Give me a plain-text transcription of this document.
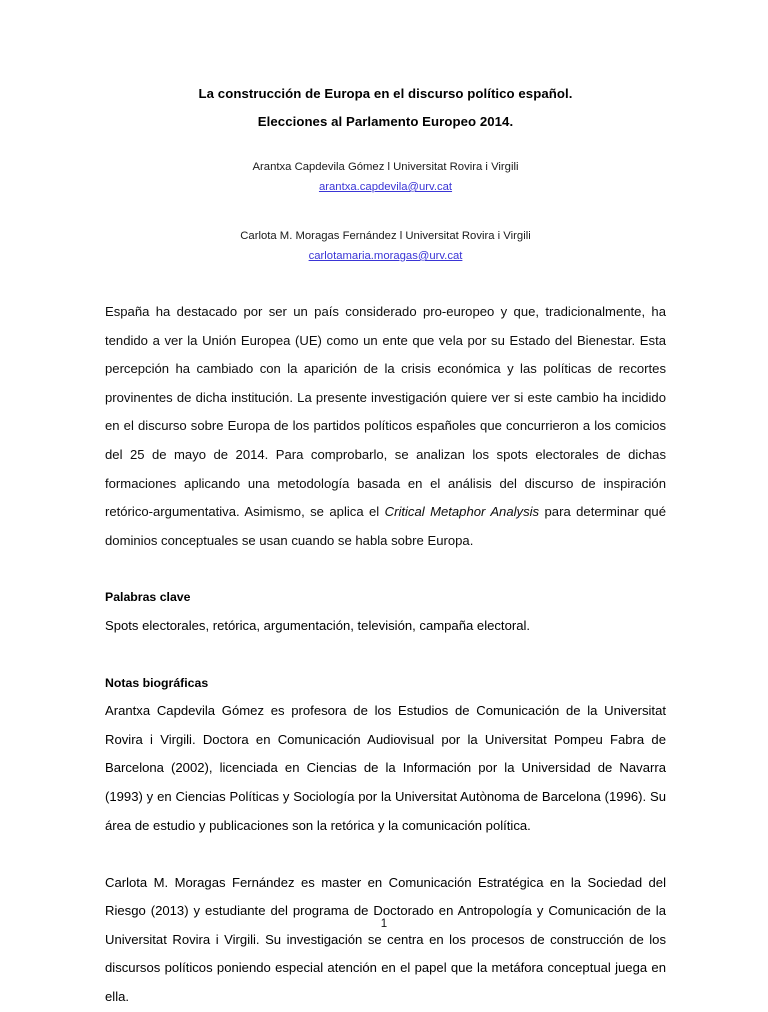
La construcción de Europa en el discurso político español.
Elecciones al Parlamento Europeo 2014.
Arantxa Capdevila Gómez l Universitat Rovira i Virgili
arantxa.capdevila@urv.cat
Carlota M. Moragas Fernández l Universitat Rovira i Virgili
carlotamaria.moragas@urv.cat

España ha destacado por ser un país considerado pro-europeo y que, tradicionalmente, ha tendido a ver la Unión Europea (UE) como un ente que vela por su Estado del Bienestar. Esta percepción ha cambiado con la aparición de la crisis económica y las políticas de recortes provinentes de dicha institución. La presente investigación quiere ver si este cambio ha incidido en el discurso sobre Europa de los partidos políticos españoles que concurrieron a los comicios del 25 de mayo de 2014. Para comprobarlo, se analizan los spots electorales de dichas formaciones aplicando una metodología basada en el análisis del discurso de inspiración retórico-argumentativa. Asimismo, se aplica el Critical Metaphor Analysis para determinar qué dominios conceptuales se usan cuando se habla sobre Europa.

Palabras clave

Spots electorales, retórica, argumentación, televisión, campaña electoral.

Notas biográficas

Arantxa Capdevila Gómez es profesora de los Estudios de Comunicación de la Universitat Rovira i Virgili. Doctora en Comunicación Audiovisual por la Universitat Pompeu Fabra de Barcelona (2002), licenciada en Ciencias de la Información por la Universidad de Navarra (1993) y en Ciencias Políticas y Sociología por la Universitat Autònoma de Barcelona (1996). Su área de estudio y publicaciones son la retórica y la comunicación política.

Carlota M. Moragas Fernández es master en Comunicación Estratégica en la Sociedad del Riesgo (2013) y estudiante del programa de Doctorado en Antropología y Comunicación de la Universitat Rovira i Virgili. Su investigación se centra en los procesos de construcción de los discursos políticos poniendo especial atención en el papel que la metáfora conceptual juega en ella.

1
